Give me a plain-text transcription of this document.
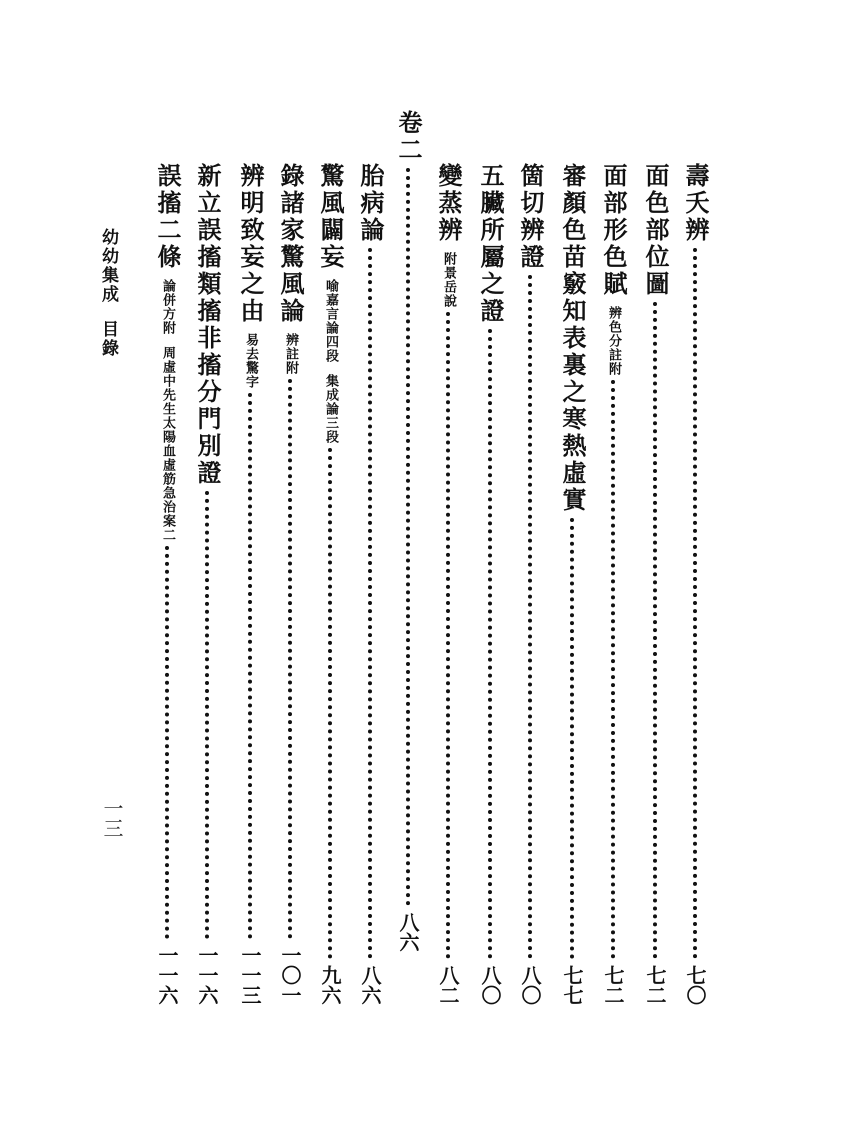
壽夭辨
七〇
面色部位圖
七二
面部形色賦
辨色分註附
七二
審顏色苗竅知表裏之寒熱虛實
七七
箇切辨證
八〇
五臟所屬之證
八〇
變蒸辨
附景岳說
八二
卷二
八六
胎病論
八六
驚風闢妄
喻嘉言論四段  集成論三段
九六
錄諸家驚風論
辨註附
一〇一
辨明致妄之由
易去驚字
一一三
新立誤搐類搐非搐分門別證
一一六
誤搐二條
論併方附  周虛中先生太陽血虛筋急治案二
一一六
幼幼集成  目錄
一三
